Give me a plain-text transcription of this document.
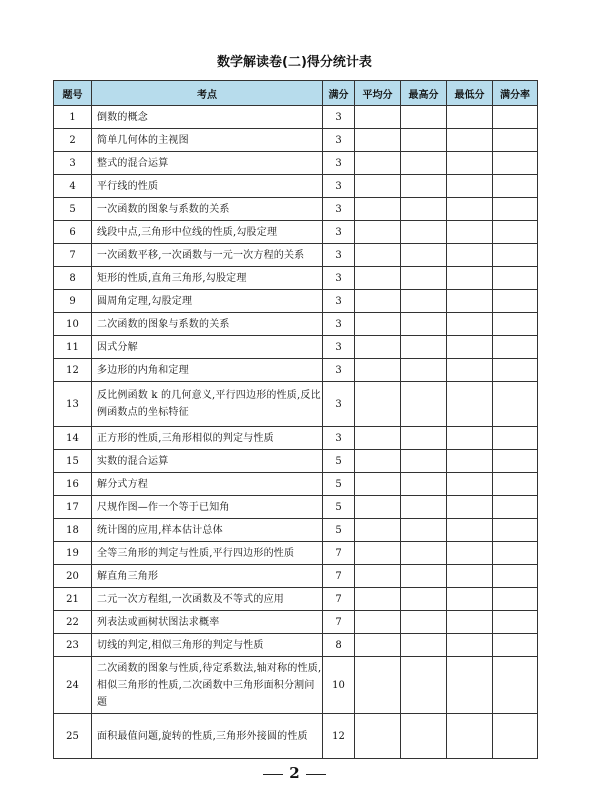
数学解读卷(二)得分统计表
题号	考点	满分	平均分	最高分	最低分	满分率
1	倒数的概念	3				
2	简单几何体的主视图	3				
3	整式的混合运算	3				
4	平行线的性质	3				
5	一次函数的图象与系数的关系	3				
6	线段中点,三角形中位线的性质,勾股定理	3				
7	一次函数平移,一次函数与一元一次方程的关系	3				
8	矩形的性质,直角三角形,勾股定理	3				
9	圆周角定理,勾股定理	3				
10	二次函数的图象与系数的关系	3				
11	因式分解	3				
12	多边形的内角和定理	3				
13	反比例函数 k 的几何意义,平行四边形的性质,反比例函数点的坐标特征	3				
14	正方形的性质,三角形相似的判定与性质	3				
15	实数的混合运算	5				
16	解分式方程	5				
17	尺规作图—作一个等于已知角	5				
18	统计图的应用,样本估计总体	5				
19	全等三角形的判定与性质,平行四边形的性质	7				
20	解直角三角形	7				
21	二元一次方程组,一次函数及不等式的应用	7				
22	列表法或画树状图法求概率	7				
23	切线的判定,相似三角形的判定与性质	8				
24	二次函数的图象与性质,待定系数法,轴对称的性质,相似三角形的性质,二次函数中三角形面积分割问题	10				
25	面积最值问题,旋转的性质,三角形外接圆的性质	12				
2
